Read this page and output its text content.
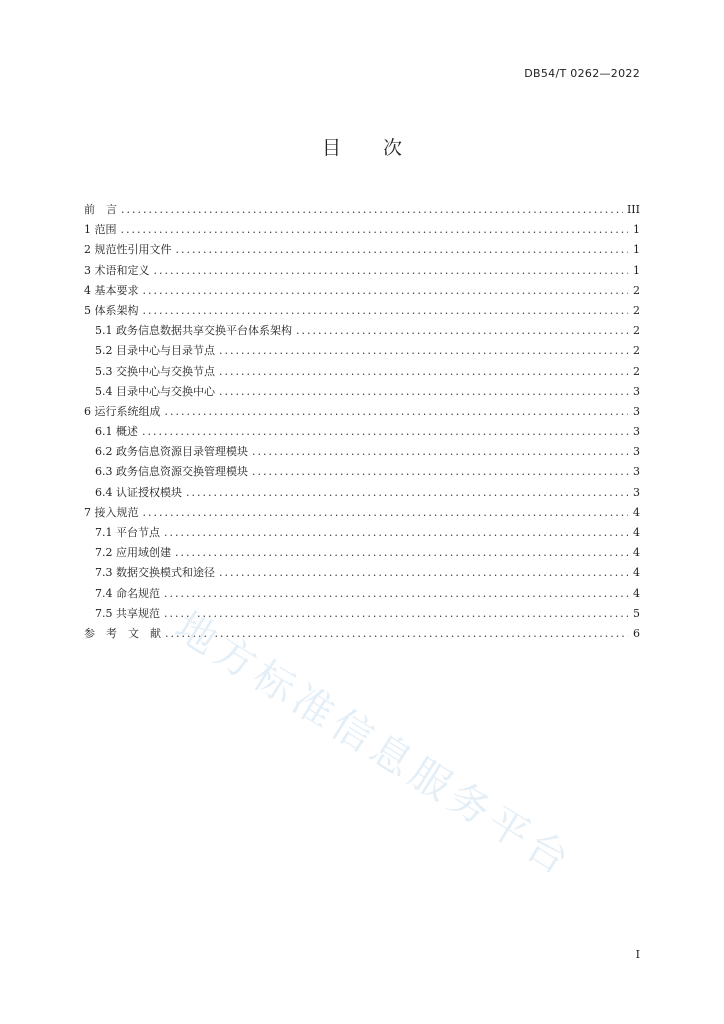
DB54/T 0262—2022
目 次
前　言 .....	III
1 范围 .....	1
2 规范性引用文件 .....	1
3 术语和定义 .....	1
4 基本要求 .....	2
5 体系架构 .....	2
5.1 政务信息数据共享交换平台体系架构 .....	2
5.2 目录中心与目录节点 .....	2
5.3 交换中心与交换节点 .....	2
5.4 目录中心与交换中心 .....	3
6 运行系统组成 .....	3
6.1 概述 .....	3
6.2 政务信息资源目录管理模块 .....	3
6.3 政务信息资源交换管理模块 .....	3
6.4 认证授权模块 .....	3
7 接入规范 .....	4
7.1 平台节点 .....	4
7.2 应用域创建 .....	4
7.3 数据交换模式和途径 .....	4
7.4 命名规范 .....	4
7.5 共享规范 .....	5
参　考　文　献 .....	6
地方标准信息服务平台
I
